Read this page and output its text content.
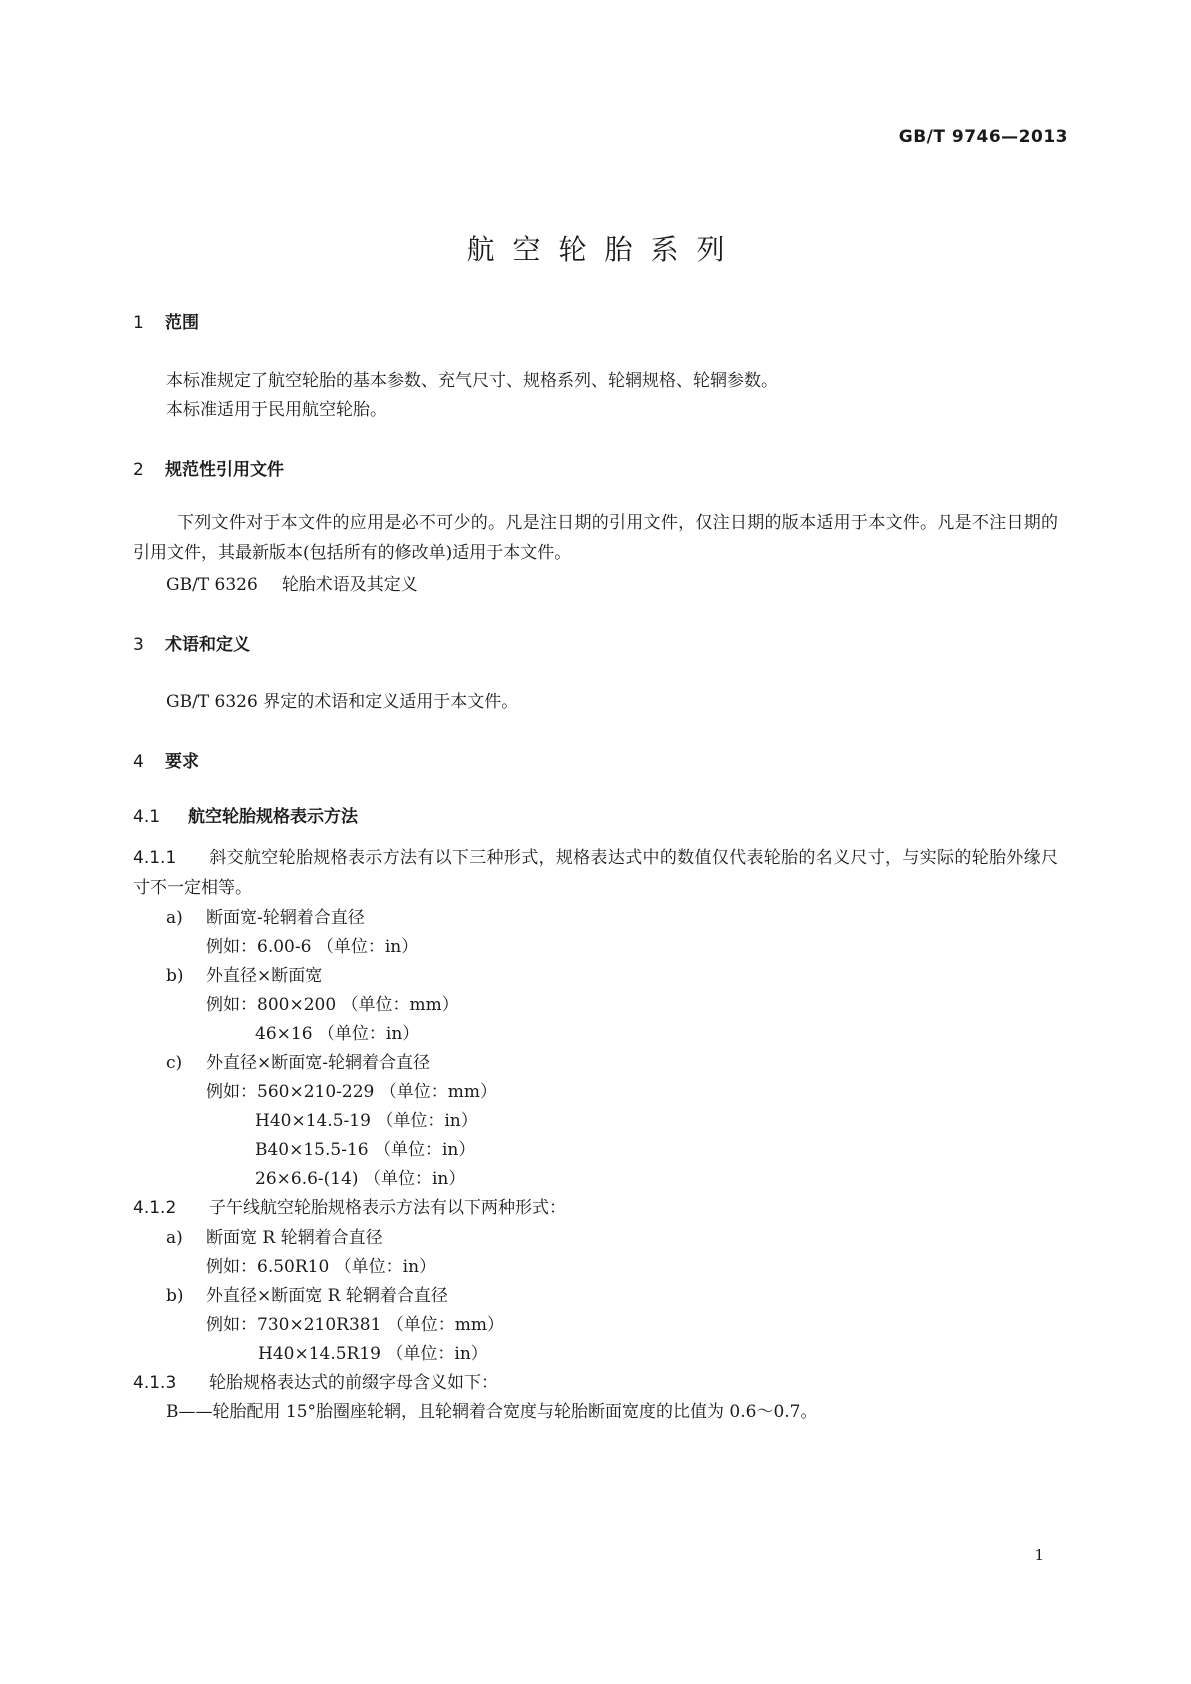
GB/T 9746—2013
航空轮胎系列
1 范围
本标准规定了航空轮胎的基本参数、充气尺寸、规格系列、轮辋规格、轮辋参数。
本标准适用于民用航空轮胎。
2 规范性引用文件
下列文件对于本文件的应用是必不可少的。凡是注日期的引用文件，仅注日期的版本适用于本文件。凡是不注日期的引用文件，其最新版本(包括所有的修改单)适用于本文件。
GB/T 6326 轮胎术语及其定义
3 术语和定义
GB/T 6326 界定的术语和定义适用于本文件。
4 要求
4.1 航空轮胎规格表示方法
4.1.1 斜交航空轮胎规格表示方法有以下三种形式，规格表达式中的数值仅代表轮胎的名义尺寸，与实际的轮胎外缘尺寸不一定相等。
a) 断面宽-轮辋着合直径
例如：6.00-6 （单位：in）
b) 外直径×断面宽
例如：800×200 （单位：mm）
46×16 （单位：in）
c) 外直径×断面宽-轮辋着合直径
例如：560×210-229 （单位：mm）
H40×14.5-19 （单位：in）
B40×15.5-16 （单位：in）
26×6.6-(14) （单位：in）
4.1.2 子午线航空轮胎规格表示方法有以下两种形式：
a) 断面宽 R 轮辋着合直径
例如：6.50R10 （单位：in）
b) 外直径×断面宽 R 轮辋着合直径
例如：730×210R381 （单位：mm）
H40×14.5R19 （单位：in）
4.1.3 轮胎规格表达式的前缀字母含义如下：
B——轮胎配用 15°胎圈座轮辋，且轮辋着合宽度与轮胎断面宽度的比值为 0.6～0.7。
1
